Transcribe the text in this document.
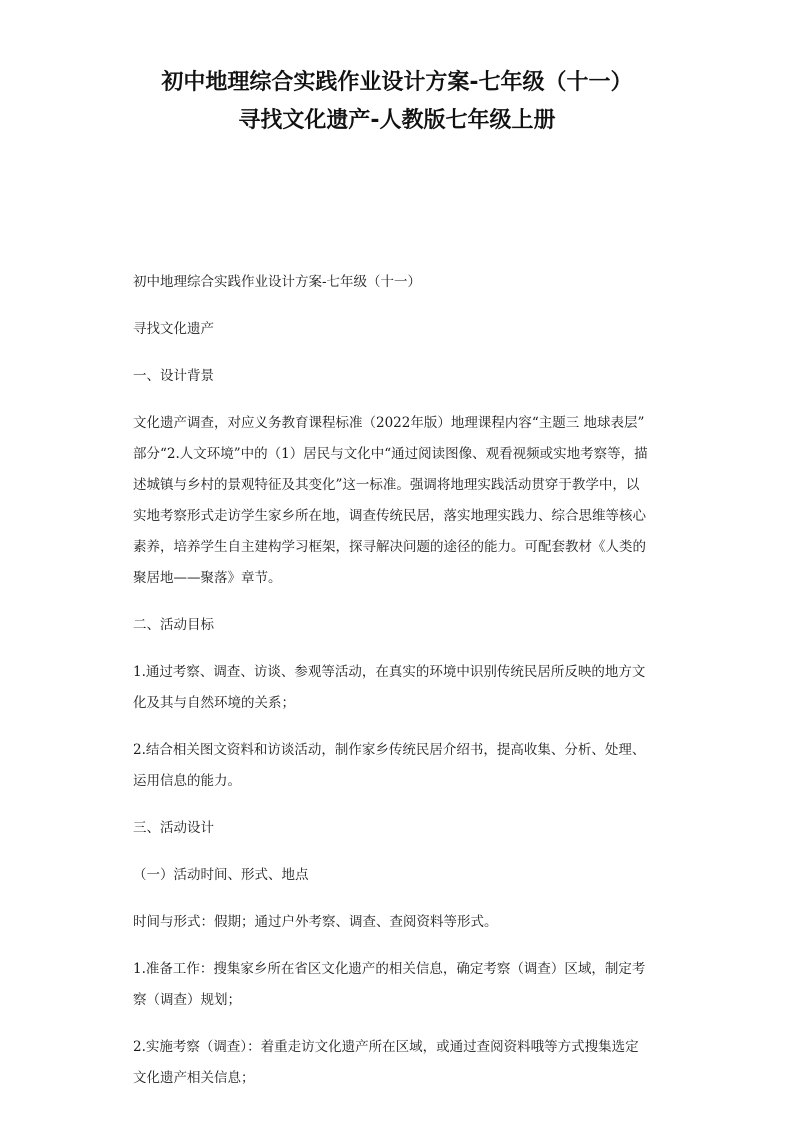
初中地理综合实践作业设计方案-七年级（十一）
寻找文化遗产-人教版七年级上册
初中地理综合实践作业设计方案-七年级（十一）
寻找文化遗产
一、设计背景
文化遗产调查，对应义务教育课程标准（2022年版）地理课程内容“主题三 地球表层”
部分“2.人文环境”中的（1）居民与文化中“通过阅读图像、观看视频或实地考察等，描
述城镇与乡村的景观特征及其变化”这一标准。强调将地理实践活动贯穿于教学中，以
实地考察形式走访学生家乡所在地，调查传统民居，落实地理实践力、综合思维等核心
素养，培养学生自主建构学习框架，探寻解决问题的途径的能力。可配套教材《人类的
聚居地——聚落》章节。
二、活动目标
1.通过考察、调查、访谈、参观等活动，在真实的环境中识别传统民居所反映的地方文
化及其与自然环境的关系；
2.结合相关图文资料和访谈活动，制作家乡传统民居介绍书，提高收集、分析、处理、
运用信息的能力。
三、活动设计
（一）活动时间、形式、地点
时间与形式：假期；通过户外考察、调查、查阅资料等形式。
1.准备工作：搜集家乡所在省区文化遗产的相关信息，确定考察（调查）区域，制定考
察（调查）规划；
2.实施考察（调查）：着重走访文化遗产所在区域，或通过查阅资料哦等方式搜集选定
文化遗产相关信息；
